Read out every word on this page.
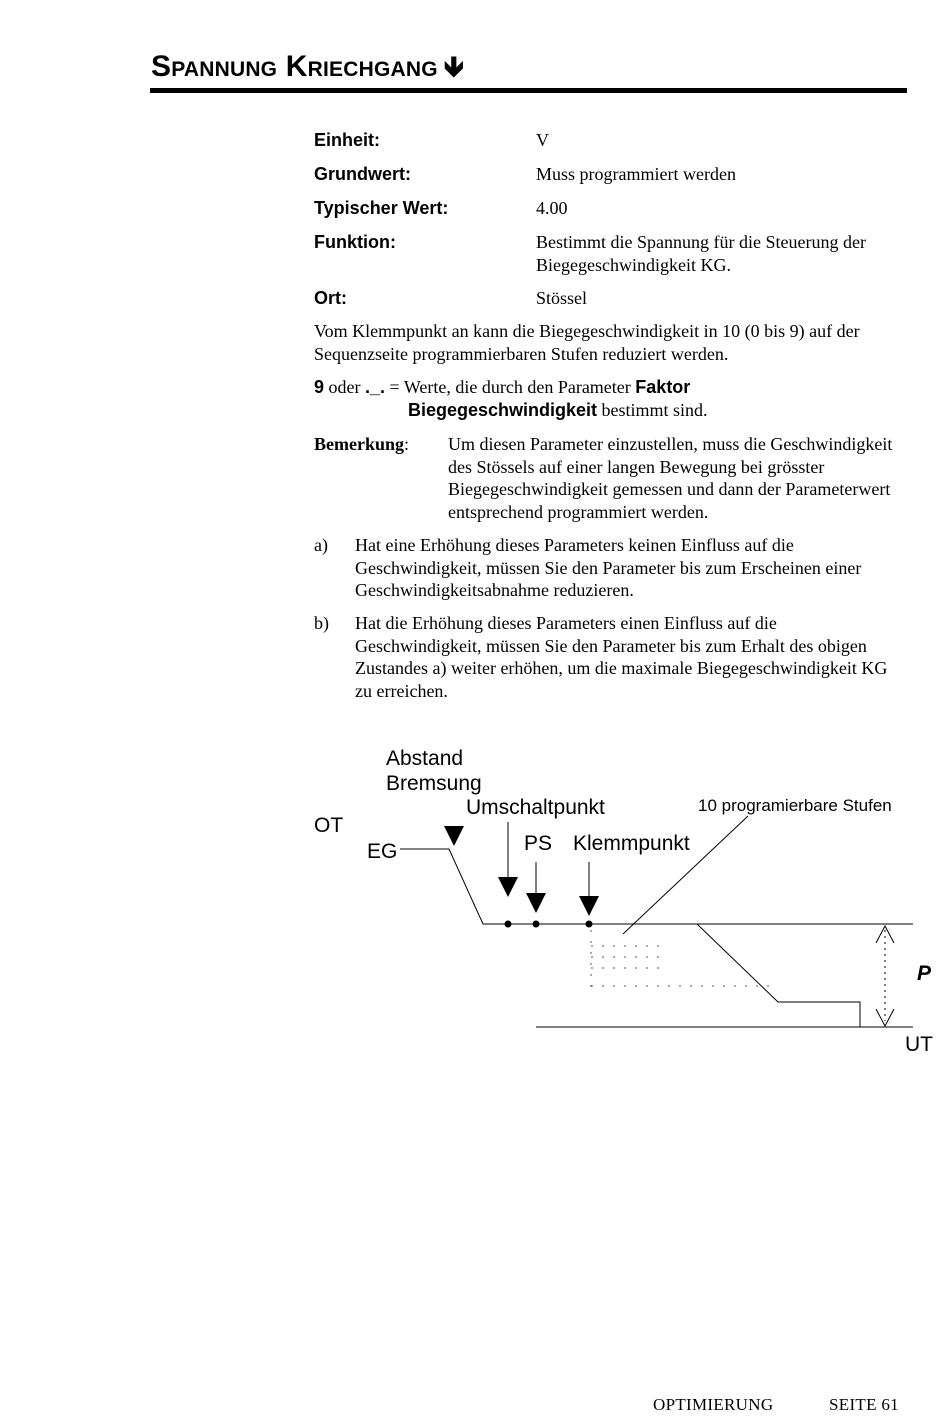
Spannung Kriechgang 🡻
Einheit:	V
Grundwert:	Muss programmiert werden
Typischer Wert:	4.00
Funktion:	Bestimmt die Spannung für die Steuerung der Biegegeschwindigkeit KG.
Ort:	Stössel
Vom Klemmpunkt an kann die Biegegeschwindigkeit in 10 (0 bis 9) auf der Sequenzseite programmierbaren Stufen reduziert werden.
9 oder ._. = Werte, die durch den Parameter Faktor
Biegegeschwindigkeit bestimmt sind.
Bemerkung:	Um diesen Parameter einzustellen, muss die Geschwindigkeit des Stössels auf einer langen Bewegung bei grösster Biegegeschwindigkeit gemessen und dann der Parameterwert entsprechend programmiert werden.
a) Hat eine Erhöhung dieses Parameters keinen Einfluss auf die Geschwindigkeit, müssen Sie den Parameter bis zum Erscheinen einer Geschwindigkeitsabnahme reduzieren.
b) Hat die Erhöhung dieses Parameters einen Einfluss auf die Geschwindigkeit, müssen Sie den Parameter bis zum Erhalt des obigen Zustandes a) weiter erhöhen, um die maximale Biegegeschwindigkeit KG zu erreichen.
Abstand
Bremsung
Umschaltpunkt	10 programierbare Stufen
OT
EG	PS Klemmpunkt
P
UT
OPTIMIERUNG	SEITE 61
